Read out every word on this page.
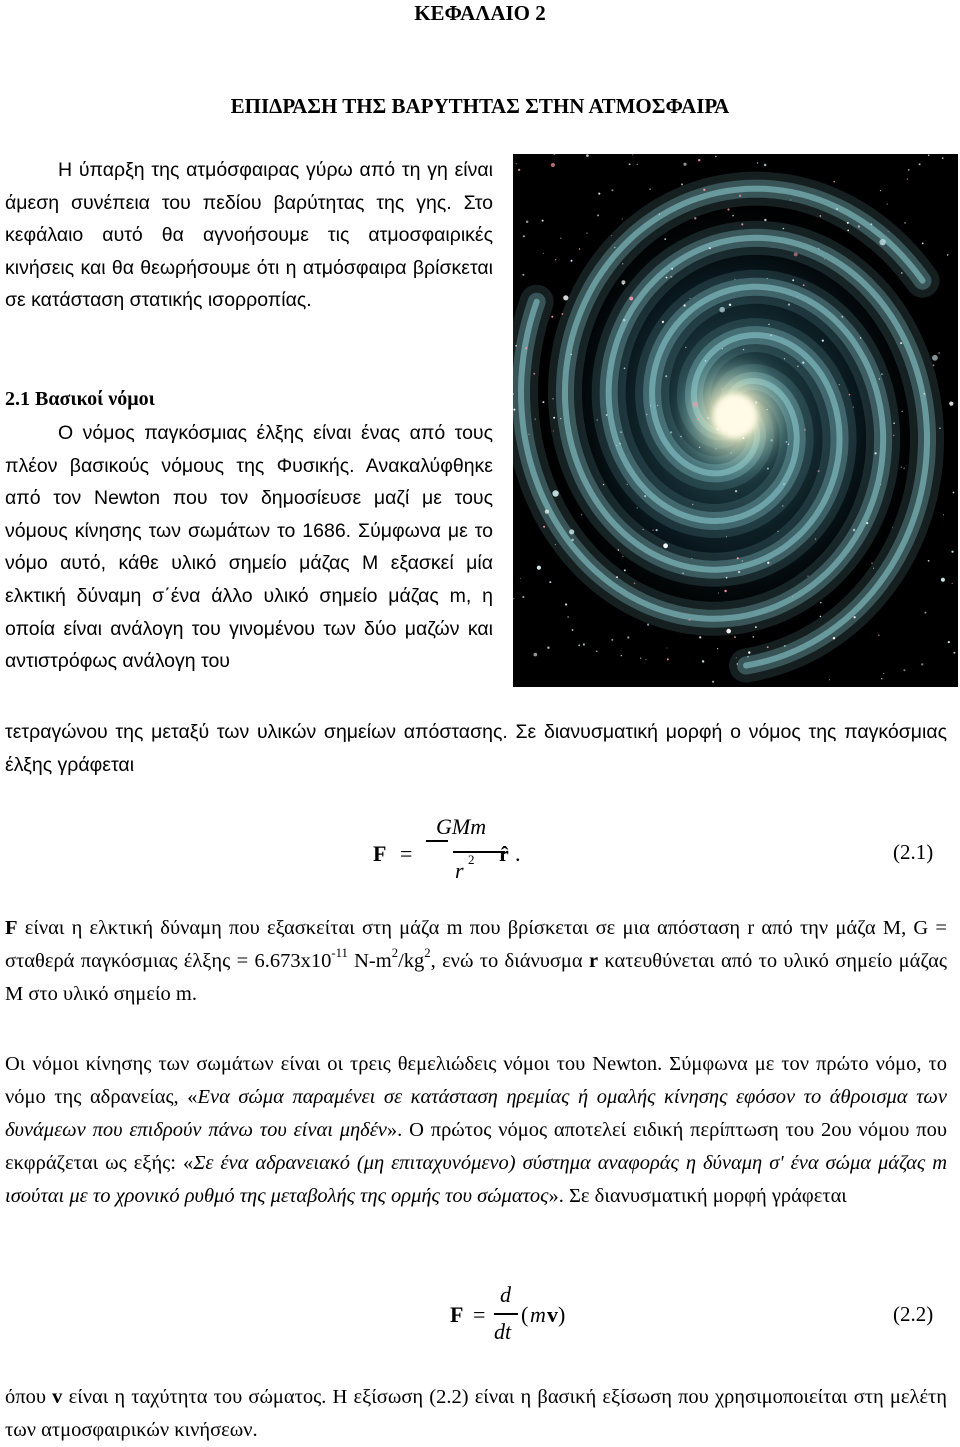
ΚΕΦΑΛΑΙΟ 2
ΕΠΙΔΡΑΣΗ ΤΗΣ ΒΑΡΥΤΗΤΑΣ ΣΤΗΝ ΑΤΜΟΣΦΑΙΡΑ

Η ύπαρξη της ατμόσφαιρας γύρω από τη γη είναι άμεση συνέπεια του πεδίου βαρύτητας της γης. Στο κεφάλαιο αυτό θα αγνοήσουμε τις ατμοσφαιρικές κινήσεις και θα θεωρήσουμε ότι η ατμόσφαιρα βρίσκεται σε κατάσταση στατικής ισορροπίας.

2.1 Βασικοί νόμοι

Ο νόμος παγκόσμιας έλξης είναι ένας από τους πλέον βασικούς νόμους της Φυσικής. Ανακαλύφθηκε από τον Newton που τον δημοσίευσε μαζί με τους νόμους κίνησης των σωμάτων το 1686. Σύμφωνα με το νόμο αυτό, κάθε υλικό σημείο μάζας M εξασκεί μία ελκτική δύναμη σ΄ένα άλλο υλικό σημείο μάζας m, η οποία είναι ανάλογη του γινομένου των δύο μαζών και αντιστρόφως ανάλογη του

τετραγώνου της μεταξύ των υλικών σημείων απόστασης. Σε διανυσματική μορφή ο νόμος της παγκόσμιας έλξης γράφεται

F =
GMm
r 2 r̂ .	(2.1)

F είναι η ελκτική δύναμη που εξασκείται στη μάζα m που βρίσκεται σε μια απόσταση r από την μάζα M, G = σταθερά παγκόσμιας $έ\lambda\xi\eta\varsigma = 6.673x10^{-11}$ $N-m^2/kg^2$, ενώ το διάνυσμα r κατευθύνεται από το υλικό σημείο μάζας M στο υλικό σημείο m.

Οι νόμοι κίνησης των σωμάτων είναι οι τρεις θεμελιώδεις νόμοι του Newton. Σύμφωνα με τον πρώτο νόμο, το νόμο της αδρανείας, «Ενα σώμα παραμένει σε κατάσταση ηρεμίας ή ομαλής κίνησης εφόσον το άθροισμα των δυνάμεων που επιδρούν πάνω του είναι μηδέν». Ο πρώτος νόμος αποτελεί ειδική περίπτωση του 2ου νόμου που εκφράζεται ως εξής: «Σε ένα αδρανειακό (μη επιταχυνόμενο) σύστημα αναφοράς η δύναμη σ' ένα σώμα μάζας m ισούται με το χρονικό ρυθμό της μεταβολής της ορμής του σώματος». Σε διανυσματική μορφή γράφεται

F =
d
dt
( m v )	(2.2)

όπου v είναι η ταχύτητα του σώματος. Η εξίσωση (2.2) είναι η βασική εξίσωση που χρησιμοποιείται στη μελέτη των ατμοσφαιρικών κινήσεων.
